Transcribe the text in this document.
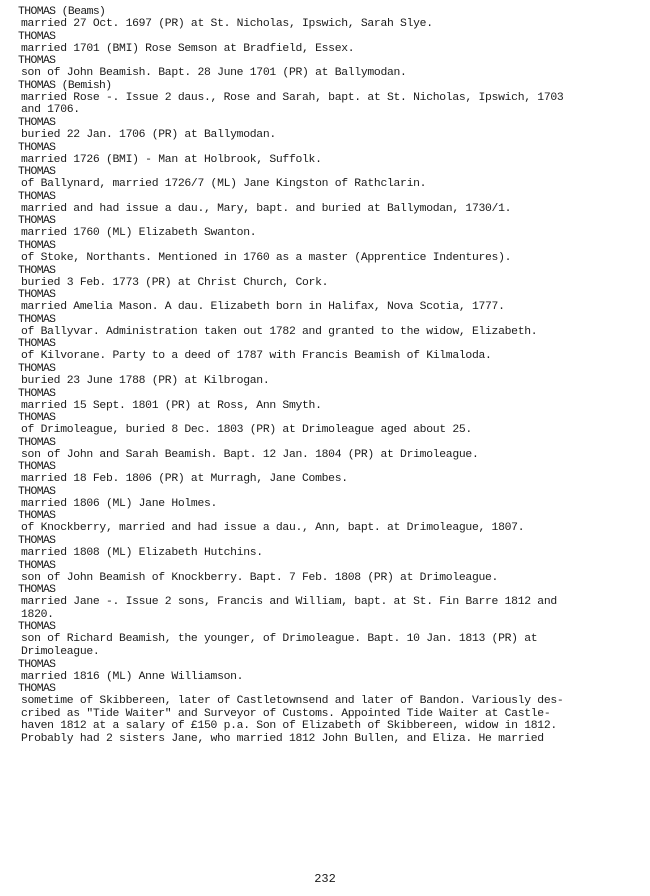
THOMAS (Beams)
married 27 Oct. 1697 (PR) at St. Nicholas, Ipswich, Sarah Slye.
THOMAS
married 1701 (BMI) Rose Semson at Bradfield, Essex.
THOMAS
son of John Beamish. Bapt. 28 June 1701 (PR) at Ballymodan.
THOMAS (Bemish)
married Rose -. Issue 2 daus., Rose and Sarah, bapt. at St. Nicholas, Ipswich, 1703
and 1706.
THOMAS
buried 22 Jan. 1706 (PR) at Ballymodan.
THOMAS
married 1726 (BMI) - Man at Holbrook, Suffolk.
THOMAS
of Ballynard, married 1726/7 (ML) Jane Kingston of Rathclarin.
THOMAS
married and had issue a dau., Mary, bapt. and buried at Ballymodan, 1730/1.
THOMAS
married 1760 (ML) Elizabeth Swanton.
THOMAS
of Stoke, Northants. Mentioned in 1760 as a master (Apprentice Indentures).
THOMAS
buried 3 Feb. 1773 (PR) at Christ Church, Cork.
THOMAS
married Amelia Mason. A dau. Elizabeth born in Halifax, Nova Scotia, 1777.
THOMAS
of Ballyvar. Administration taken out 1782 and granted to the widow, Elizabeth.
THOMAS
of Kilvorane. Party to a deed of 1787 with Francis Beamish of Kilmaloda.
THOMAS
buried 23 June 1788 (PR) at Kilbrogan.
THOMAS
married 15 Sept. 1801 (PR) at Ross, Ann Smyth.
THOMAS
of Drimoleague, buried 8 Dec. 1803 (PR) at Drimoleague aged about 25.
THOMAS
son of John and Sarah Beamish. Bapt. 12 Jan. 1804 (PR) at Drimoleague.
THOMAS
married 18 Feb. 1806 (PR) at Murragh, Jane Combes.
THOMAS
married 1806 (ML) Jane Holmes.
THOMAS
of Knockberry, married and had issue a dau., Ann, bapt. at Drimoleague, 1807.
THOMAS
married 1808 (ML) Elizabeth Hutchins.
THOMAS
son of John Beamish of Knockberry. Bapt. 7 Feb. 1808 (PR) at Drimoleague.
THOMAS
married Jane -. Issue 2 sons, Francis and William, bapt. at St. Fin Barre 1812 and
1820.
THOMAS
son of Richard Beamish, the younger, of Drimoleague. Bapt. 10 Jan. 1813 (PR) at
Drimoleague.
THOMAS
married 1816 (ML) Anne Williamson.
THOMAS
sometime of Skibbereen, later of Castletownsend and later of Bandon. Variously des-
cribed as "Tide Waiter" and Surveyor of Customs. Appointed Tide Waiter at Castle-
haven 1812 at a salary of £150 p.a. Son of Elizabeth of Skibbereen, widow in 1812.
Probably had 2 sisters Jane, who married 1812 John Bullen, and Eliza. He married
232
